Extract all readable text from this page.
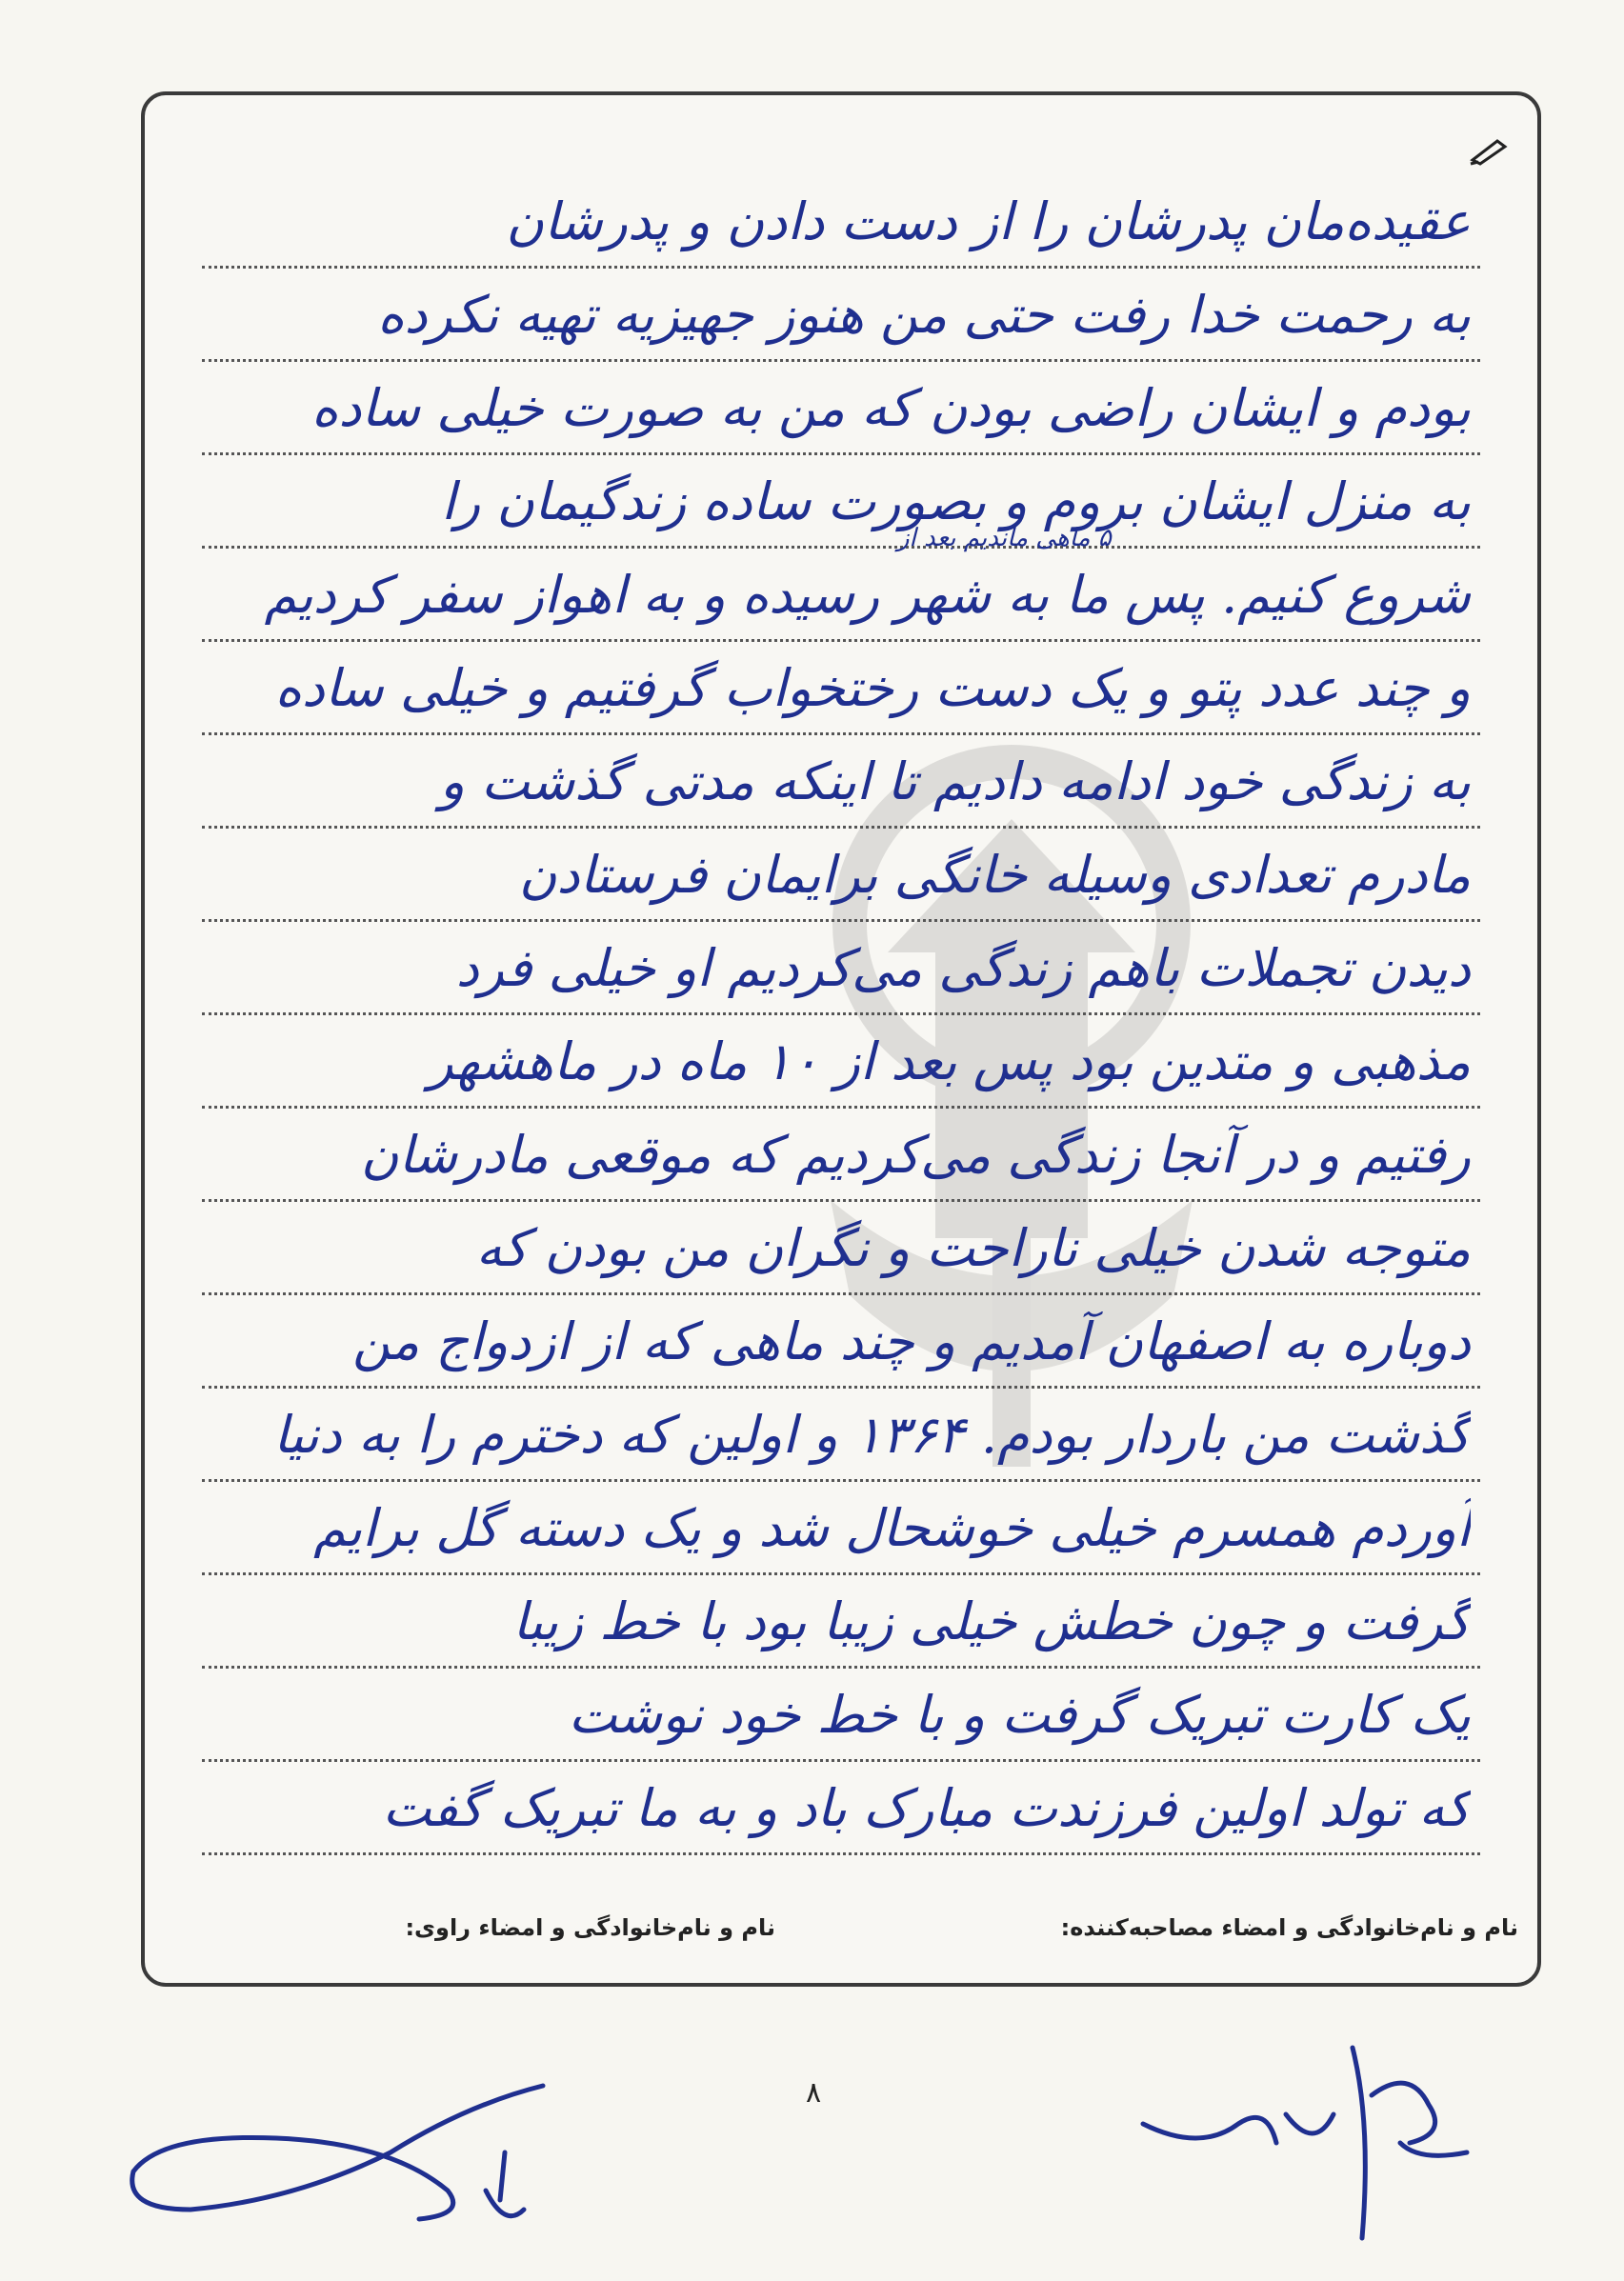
عقیده‌مان پدرشان را از دست دادن و پدرشان
به رحمت خدا رفت حتی من هنوز جهیزیه تهیه نکرده
بودم و ایشان راضی بودن که من به صورت خیلی ساده
به منزل ایشان بروم و بصورت ساده زندگیمان را
شروع کنیم. پس ما به شهر رسیده و به اهواز سفر کردیم
و چند عدد پتو و یک دست رختخواب گرفتیم و خیلی ساده
به زندگی خود ادامه دادیم تا اینکه مدتی گذشت و
مادرم تعدادی وسیله خانگی برایمان فرستادن
دیدن تجملات باهم زندگی می‌کردیم او خیلی فرد
مذهبی و متدین بود پس بعد از ۱۰ ماه در ماهشهر
رفتیم و در آنجا زندگی می‌کردیم که موقعی مادرشان
متوجه شدن خیلی ناراحت و نگران من بودن که
دوباره به اصفهان آمدیم و چند ماهی که از ازدواج من
گذشت من باردار بودم. ۱۳۶۴ و اولین که دخترم را به دنیا
آوردم همسرم خیلی خوشحال شد و یک دسته گل برایم
گرفت و چون خطش خیلی زیبا بود با خط زیبا
یک کارت تبریک گرفت و با خط خود نوشت
که تولد اولین فرزندت مبارک باد و به ما تبریک گفت
۵ ماهی ماندیم بعد از
نام و نام‌خانوادگی و امضاء مصاحبه‌کننده:
نام و نام‌خانوادگی و امضاء راوی:
۸
